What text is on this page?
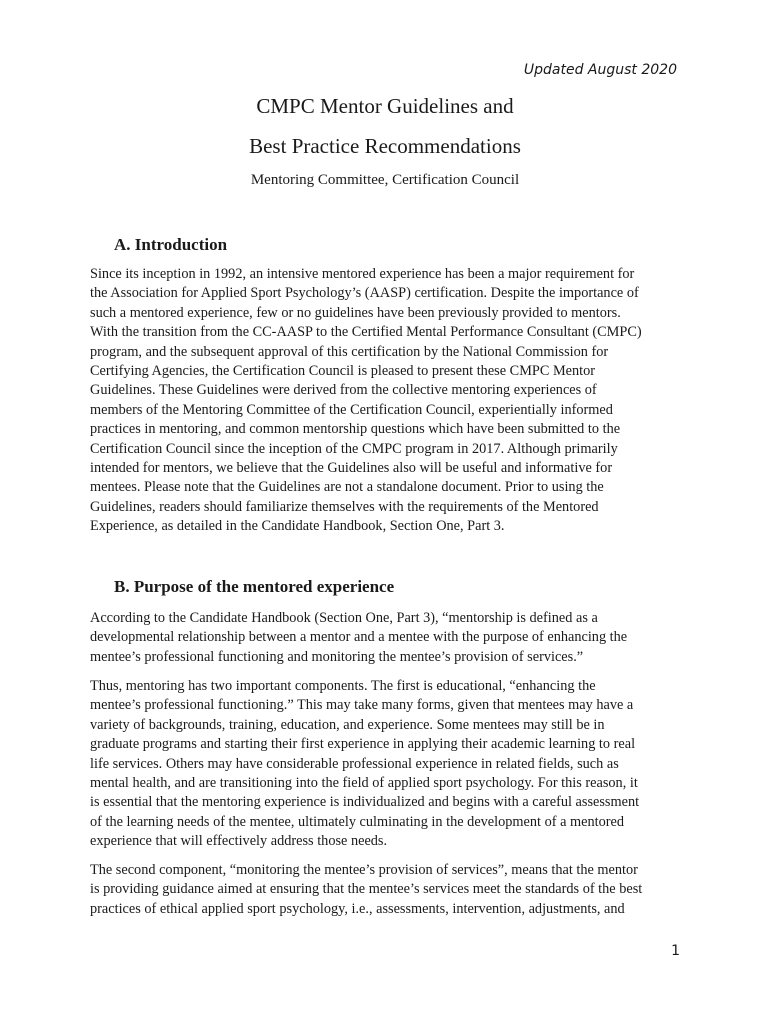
Updated August 2020
CMPC Mentor Guidelines and
Best Practice Recommendations
Mentoring Committee, Certification Council
A. Introduction

Since its inception in 1992, an intensive mentored experience has been a major requirement for
the Association for Applied Sport Psychology’s (AASP) certification. Despite the importance of
such a mentored experience, few or no guidelines have been previously provided to mentors.
With the transition from the CC-AASP to the Certified Mental Performance Consultant (CMPC)
program, and the subsequent approval of this certification by the National Commission for
Certifying Agencies, the Certification Council is pleased to present these CMPC Mentor
Guidelines. These Guidelines were derived from the collective mentoring experiences of
members of the Mentoring Committee of the Certification Council, experientially informed
practices in mentoring, and common mentorship questions which have been submitted to the
Certification Council since the inception of the CMPC program in 2017. Although primarily
intended for mentors, we believe that the Guidelines also will be useful and informative for
mentees. Please note that the Guidelines are not a standalone document. Prior to using the
Guidelines, readers should familiarize themselves with the requirements of the Mentored
Experience, as detailed in the Candidate Handbook, Section One, Part 3.

B. Purpose of the mentored experience

According to the Candidate Handbook (Section One, Part 3), “mentorship is defined as a
developmental relationship between a mentor and a mentee with the purpose of enhancing the
mentee’s professional functioning and monitoring the mentee’s provision of services.”

Thus, mentoring has two important components. The first is educational, “enhancing the
mentee’s professional functioning.” This may take many forms, given that mentees may have a
variety of backgrounds, training, education, and experience. Some mentees may still be in
graduate programs and starting their first experience in applying their academic learning to real
life services. Others may have considerable professional experience in related fields, such as
mental health, and are transitioning into the field of applied sport psychology. For this reason, it
is essential that the mentoring experience is individualized and begins with a careful assessment
of the learning needs of the mentee, ultimately culminating in the development of a mentored
experience that will effectively address those needs.

The second component, “monitoring the mentee’s provision of services”, means that the mentor
is providing guidance aimed at ensuring that the mentee’s services meet the standards of the best
practices of ethical applied sport psychology, i.e., assessments, intervention, adjustments, and

1
